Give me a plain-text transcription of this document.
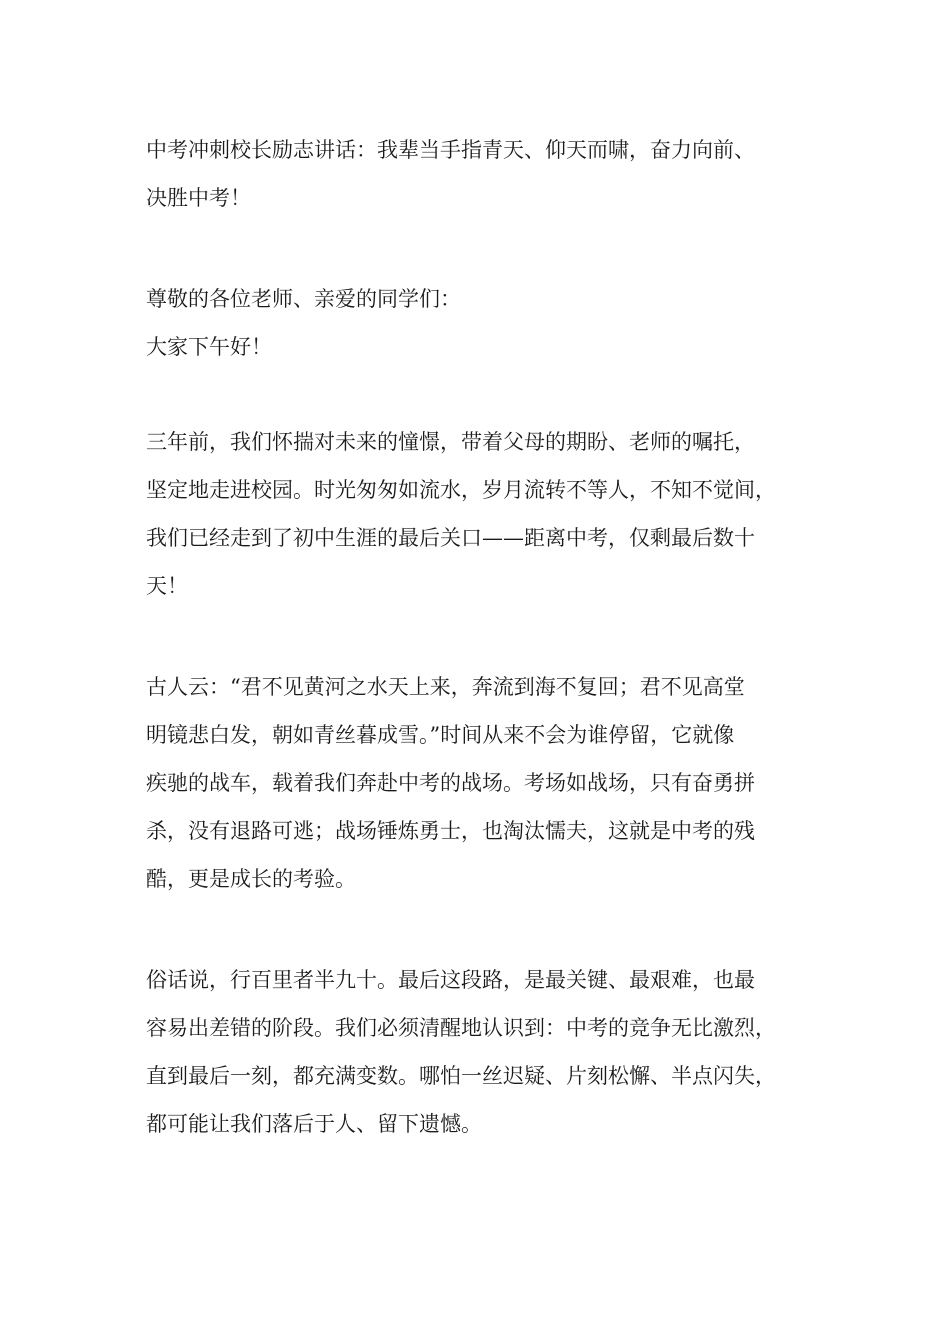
中考冲刺校长励志讲话：我辈当手指青天、仰天而啸，奋力向前、
决胜中考！
尊敬的各位老师、亲爱的同学们：
大家下午好！
三年前，我们怀揣对未来的憧憬，带着父母的期盼、老师的嘱托，
坚定地走进校园。时光匆匆如流水，岁月流转不等人，不知不觉间，
我们已经走到了初中生涯的最后关口——距离中考，仅剩最后数十
天！
古人云：“君不见黄河之水天上来，奔流到海不复回；君不见高堂
明镜悲白发，朝如青丝暮成雪。”时间从来不会为谁停留，它就像
疾驰的战车，载着我们奔赴中考的战场。考场如战场，只有奋勇拼
杀，没有退路可逃；战场锤炼勇士，也淘汰懦夫，这就是中考的残
酷，更是成长的考验。
俗话说，行百里者半九十。最后这段路，是最关键、最艰难，也最
容易出差错的阶段。我们必须清醒地认识到：中考的竞争无比激烈，
直到最后一刻，都充满变数。哪怕一丝迟疑、片刻松懈、半点闪失，
都可能让我们落后于人、留下遗憾。
